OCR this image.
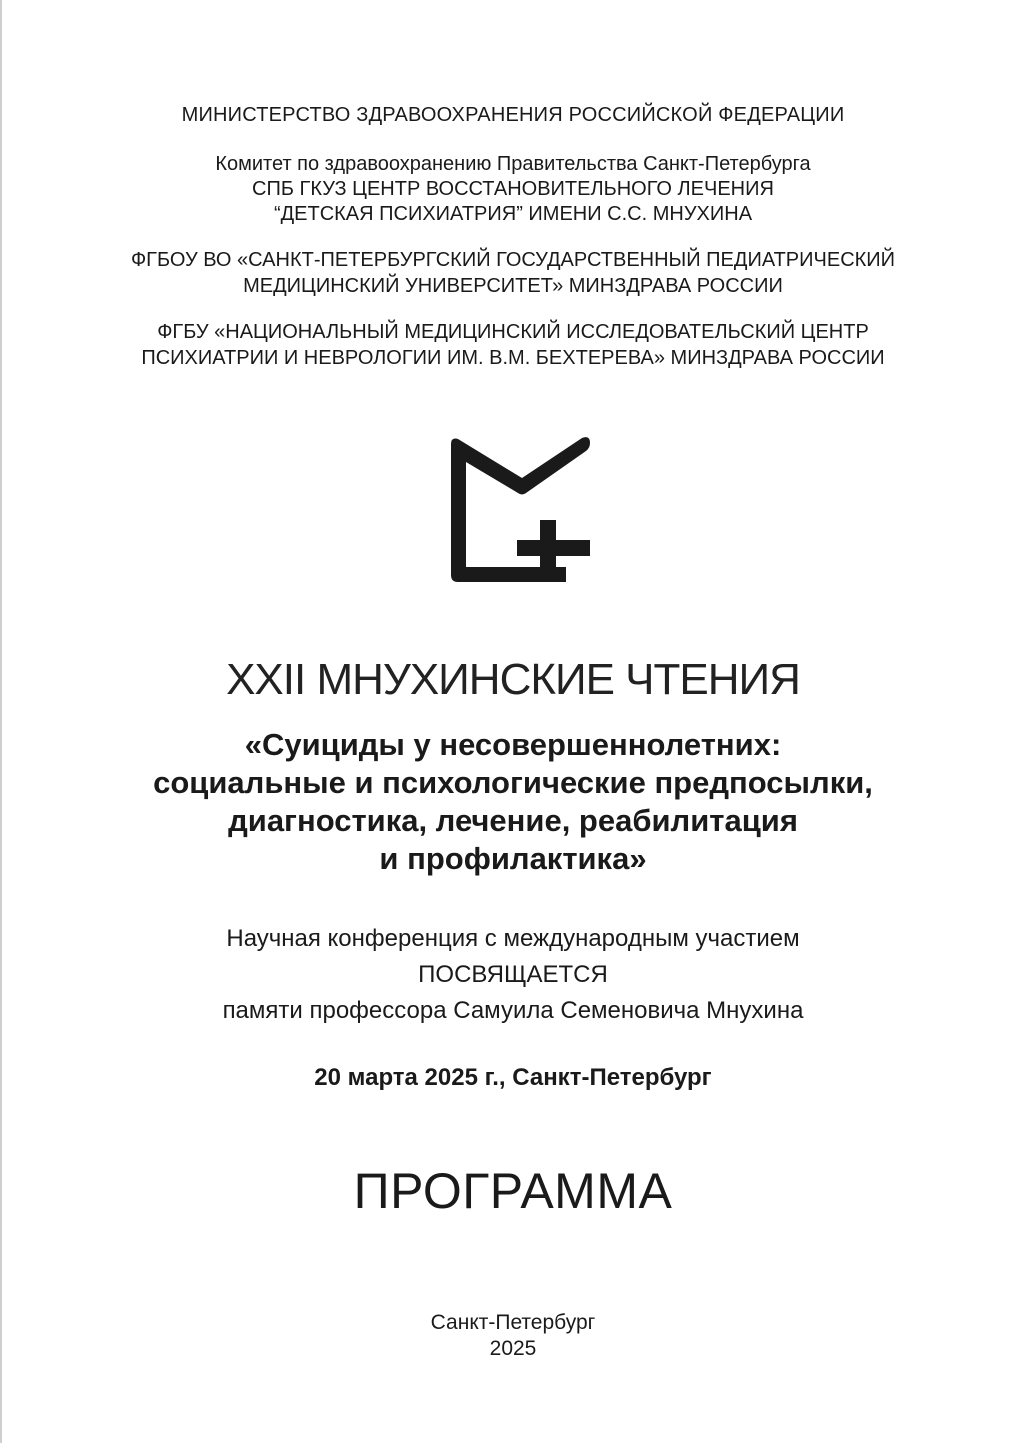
МИНИСТЕРСТВО ЗДРАВООХРАНЕНИЯ РОССИЙСКОЙ ФЕДЕРАЦИИ
Комитет по здравоохранению Правительства Санкт-Петербурга
СПБ ГКУЗ ЦЕНТР ВОССТАНОВИТЕЛЬНОГО ЛЕЧЕНИЯ
“ДЕТСКАЯ ПСИХИАТРИЯ” ИМЕНИ С.С. МНУХИНА
ФГБОУ ВО «САНКТ-ПЕТЕРБУРГСКИЙ ГОСУДАРСТВЕННЫЙ ПЕДИАТРИЧЕСКИЙ
МЕДИЦИНСКИЙ УНИВЕРСИТЕТ» МИНЗДРАВА РОССИИ
ФГБУ «НАЦИОНАЛЬНЫЙ МЕДИЦИНСКИЙ ИССЛЕДОВАТЕЛЬСКИЙ ЦЕНТР
ПСИХИАТРИИ И НЕВРОЛОГИИ ИМ. В.М. БЕХТЕРЕВА» МИНЗДРАВА РОССИИ
XXII МНУХИНСКИЕ ЧТЕНИЯ
«Суициды у несовершеннолетних:
социальные и психологические предпосылки,
диагностика, лечение, реабилитация
и профилактика»
Научная конференция с международным участием
ПОСВЯЩАЕТСЯ
памяти профессора Самуила Семеновича Мнухина
20 марта 2025 г., Санкт-Петербург
ПРОГРАММА
Санкт-Петербург
2025
